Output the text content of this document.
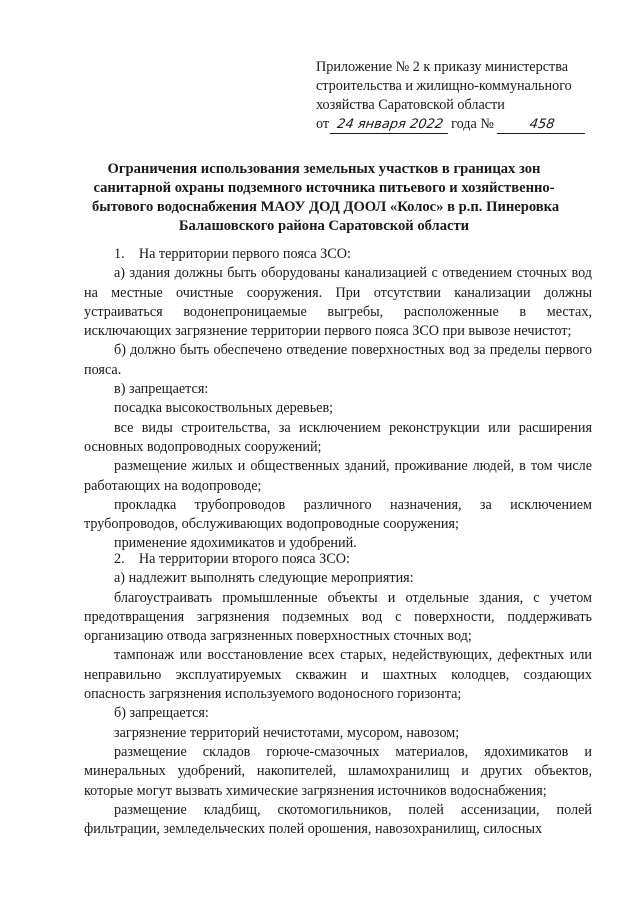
Приложение № 2 к приказу министерства
строительства и жилищно-коммунального
хозяйства Саратовской области
от 24 января 2022 года №	458
Ограничения использования земельных участков в границах зон
санитарной охраны подземного источника питьевого и хозяйственно-
бытового водоснабжения МАОУ ДОД ДООЛ «Колос» в р.п. Пинеровка
Балашовского района Саратовской области

1. На территории первого пояса ЗСО:

а) здания должны быть оборудованы канализацией с отведением сточных вод на местные очистные сооружения. При отсутствии канализации должны устраиваться водонепроницаемые выгребы, расположенные в местах, исключающих загрязнение территории первого пояса ЗСО при вывозе нечистот;

б) должно быть обеспечено отведение поверхностных вод за пределы первого пояса.

в) запрещается:

посадка высокоствольных деревьев;

все виды строительства, за исключением реконструкции или расширения основных водопроводных сооружений;

размещение жилых и общественных зданий, проживание людей, в том числе работающих на водопроводе;

прокладка трубопроводов различного назначения, за исключением трубопроводов, обслуживающих водопроводные сооружения;

применение ядохимикатов и удобрений.

2. На территории второго пояса ЗСО:

а) надлежит выполнять следующие мероприятия:

благоустраивать промышленные объекты и отдельные здания, с учетом предотвращения загрязнения подземных вод с поверхности, поддерживать организацию отвода загрязненных поверхностных сточных вод;

тампонаж или восстановление всех старых, недействующих, дефектных или неправильно эксплуатируемых скважин и шахтных колодцев, создающих опасность загрязнения используемого водоносного горизонта;

б) запрещается:

загрязнение территорий нечистотами, мусором, навозом;

размещение складов горюче-смазочных материалов, ядохимикатов и минеральных удобрений, накопителей, шламохранилищ и других объектов, которые могут вызвать химические загрязнения источников водоснабжения;

размещение кладбищ, скотомогильников, полей ассенизации, полей фильтрации, земледельческих полей орошения, навозохранилищ, силосных
